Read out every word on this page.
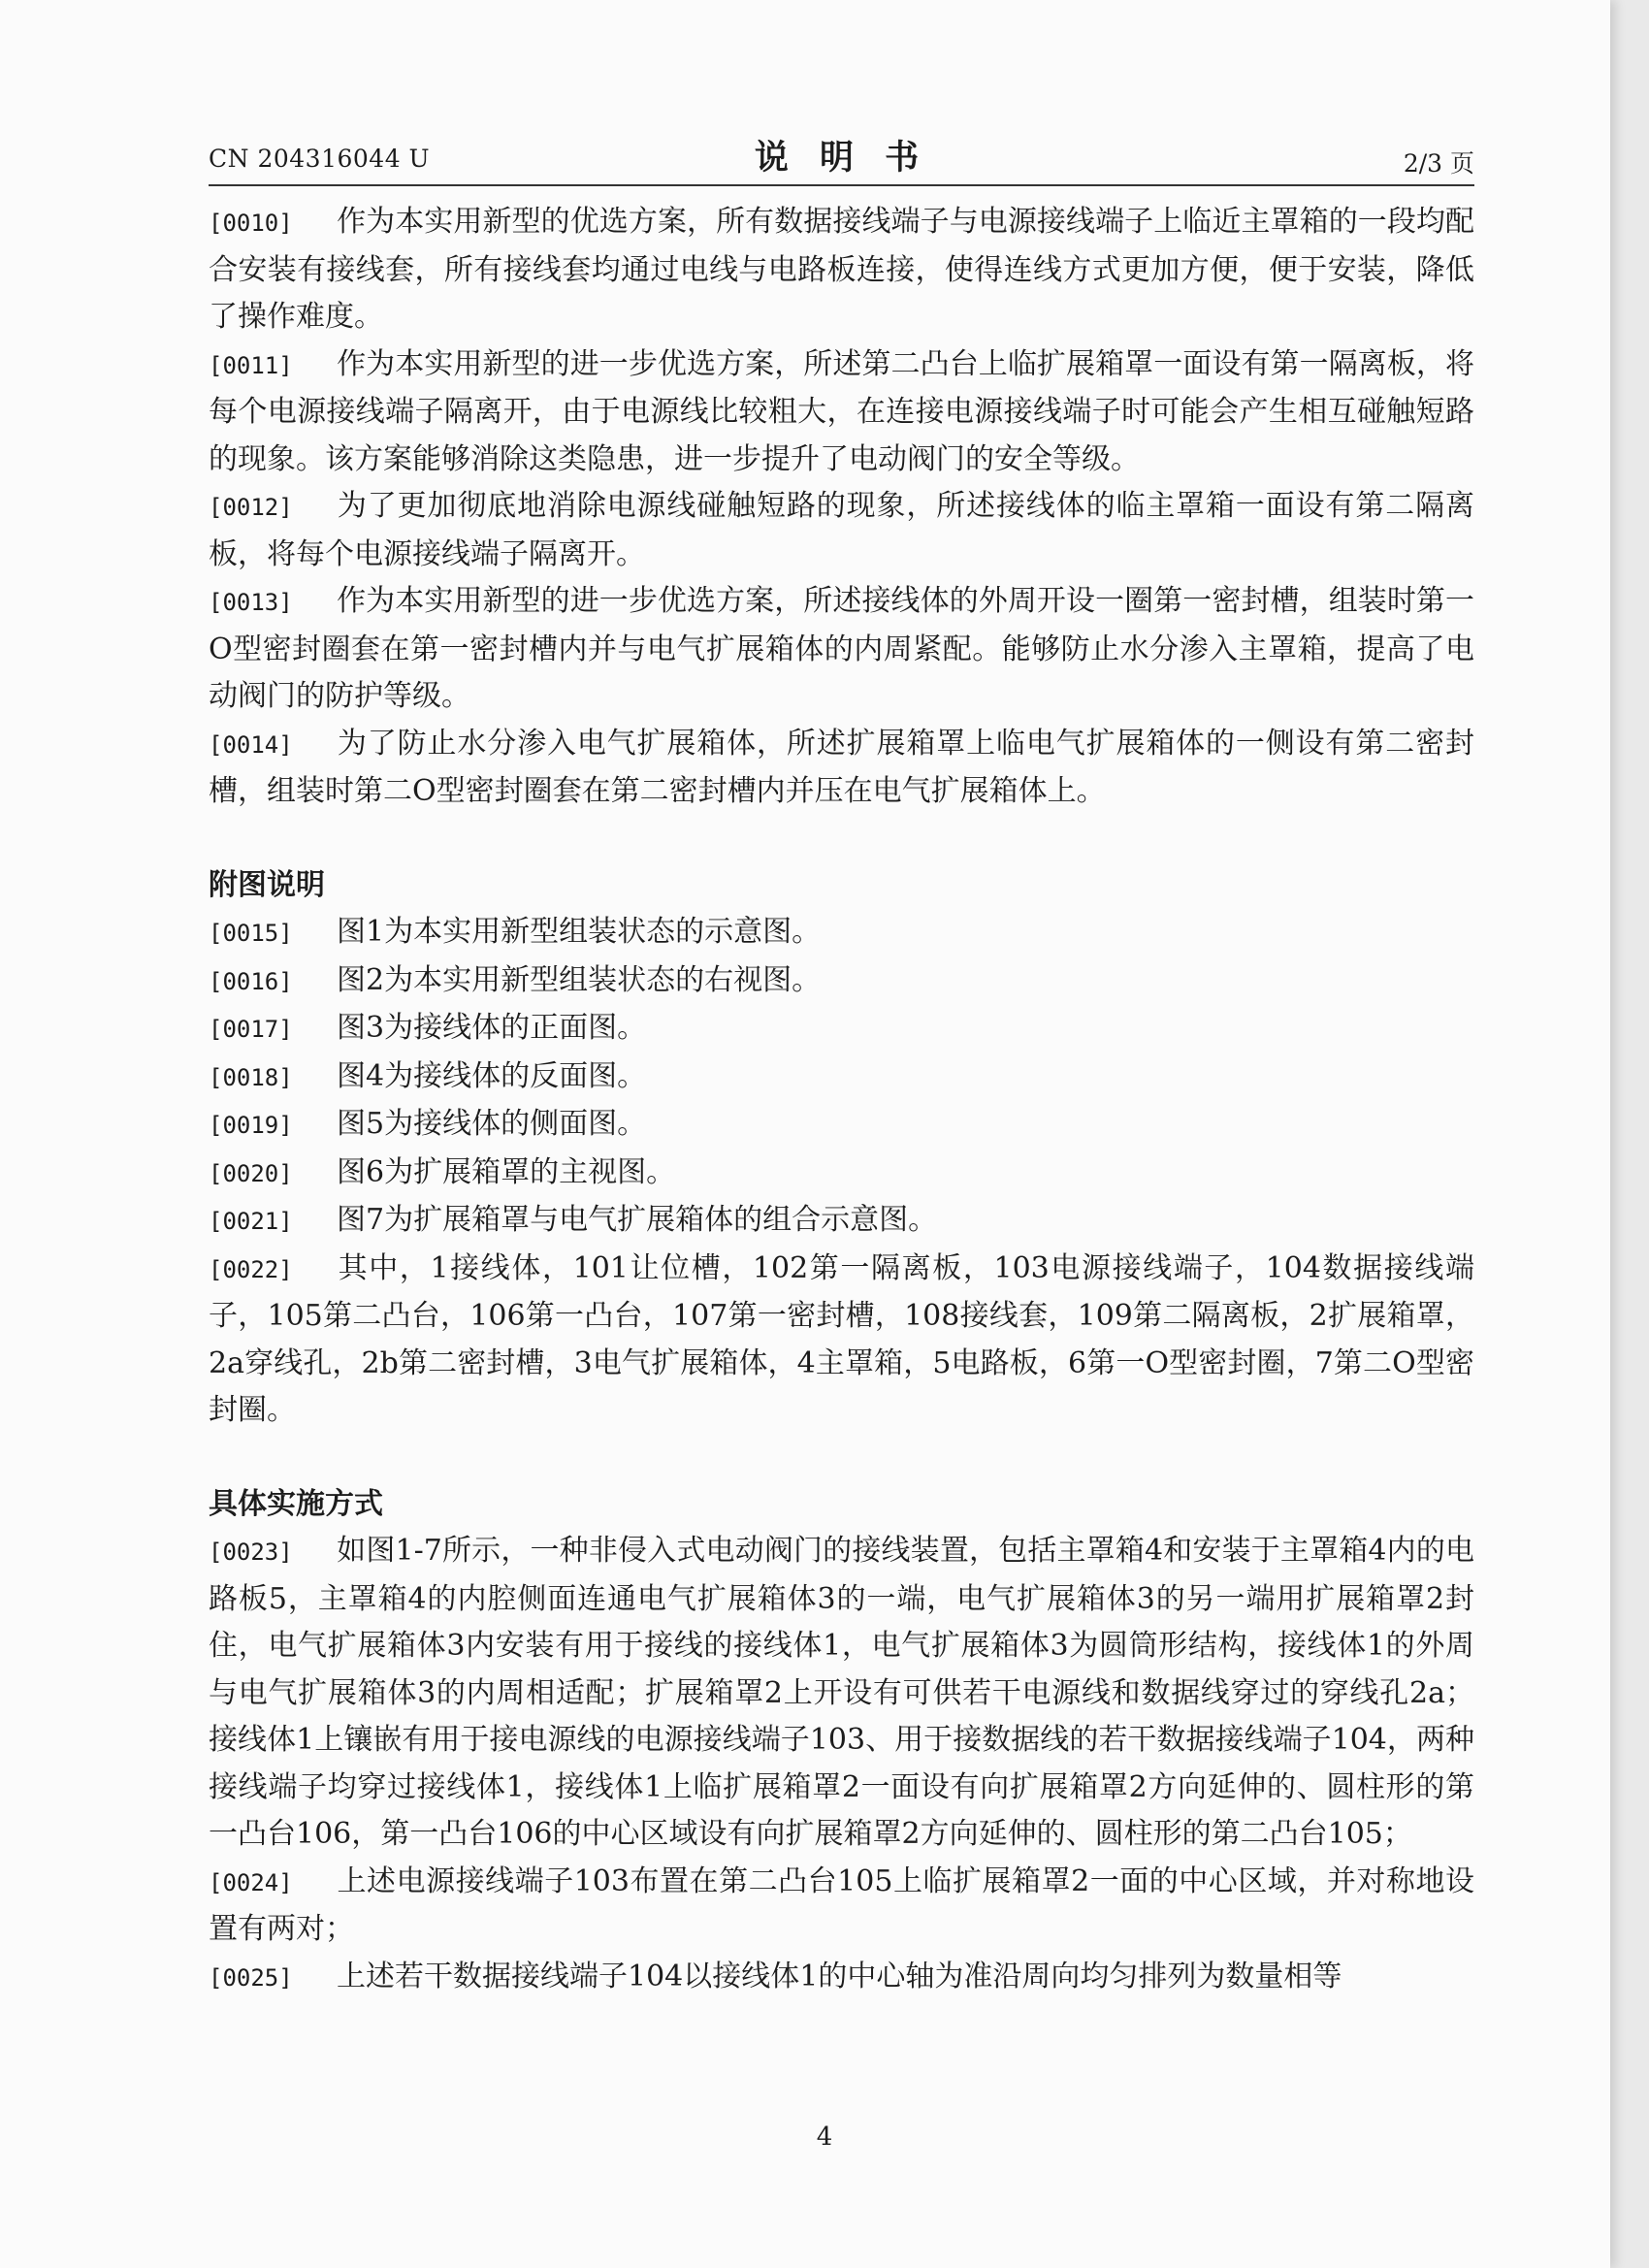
CN 204316044 U	说 明 书	2/3 页

[0010] 作为本实用新型的优选方案，所有数据接线端子与电源接线端子上临近主罩箱的一段均配合安装有接线套，所有接线套均通过电线与电路板连接，使得连线方式更加方便，便于安装，降低了操作难度。

[0011] 作为本实用新型的进一步优选方案，所述第二凸台上临扩展箱罩一面设有第一隔离板，将每个电源接线端子隔离开，由于电源线比较粗大，在连接电源接线端子时可能会产生相互碰触短路的现象。该方案能够消除这类隐患，进一步提升了电动阀门的安全等级。

[0012] 为了更加彻底地消除电源线碰触短路的现象，所述接线体的临主罩箱一面设有第二隔离板，将每个电源接线端子隔离开。

[0013] 作为本实用新型的进一步优选方案，所述接线体的外周开设一圈第一密封槽，组装时第一O型密封圈套在第一密封槽内并与电气扩展箱体的内周紧配。能够防止水分渗入主罩箱，提高了电动阀门的防护等级。

[0014] 为了防止水分渗入电气扩展箱体，所述扩展箱罩上临电气扩展箱体的一侧设有第二密封槽，组装时第二O型密封圈套在第二密封槽内并压在电气扩展箱体上。

附图说明

[0015] 图1为本实用新型组装状态的示意图。

[0016] 图2为本实用新型组装状态的右视图。

[0017] 图3为接线体的正面图。

[0018] 图4为接线体的反面图。

[0019] 图5为接线体的侧面图。

[0020] 图6为扩展箱罩的主视图。

[0021] 图7为扩展箱罩与电气扩展箱体的组合示意图。

[0022] 其中，1接线体，101让位槽，102第一隔离板，103电源接线端子，104数据接线端子，105第二凸台，106第一凸台，107第一密封槽，108接线套，109第二隔离板，2扩展箱罩，2a穿线孔，2b第二密封槽，3电气扩展箱体，4主罩箱，5电路板，6第一O型密封圈，7第二O型密封圈。

具体实施方式

[0023] 如图1-7所示，一种非侵入式电动阀门的接线装置，包括主罩箱4和安装于主罩箱4内的电路板5，主罩箱4的内腔侧面连通电气扩展箱体3的一端，电气扩展箱体3的另一端用扩展箱罩2封住，电气扩展箱体3内安装有用于接线的接线体1，电气扩展箱体3为圆筒形结构，接线体1的外周与电气扩展箱体3的内周相适配；扩展箱罩2上开设有可供若干电源线和数据线穿过的穿线孔2a；接线体1上镶嵌有用于接电源线的电源接线端子103、用于接数据线的若干数据接线端子104，两种接线端子均穿过接线体1，接线体1上临扩展箱罩2一面设有向扩展箱罩2方向延伸的、圆柱形的第一凸台106，第一凸台106的中心区域设有向扩展箱罩2方向延伸的、圆柱形的第二凸台105；

[0024] 上述电源接线端子103布置在第二凸台105上临扩展箱罩2一面的中心区域，并对称地设置有两对；

[0025] 上述若干数据接线端子104以接线体1的中心轴为准沿周向均匀排列为数量相等

4
